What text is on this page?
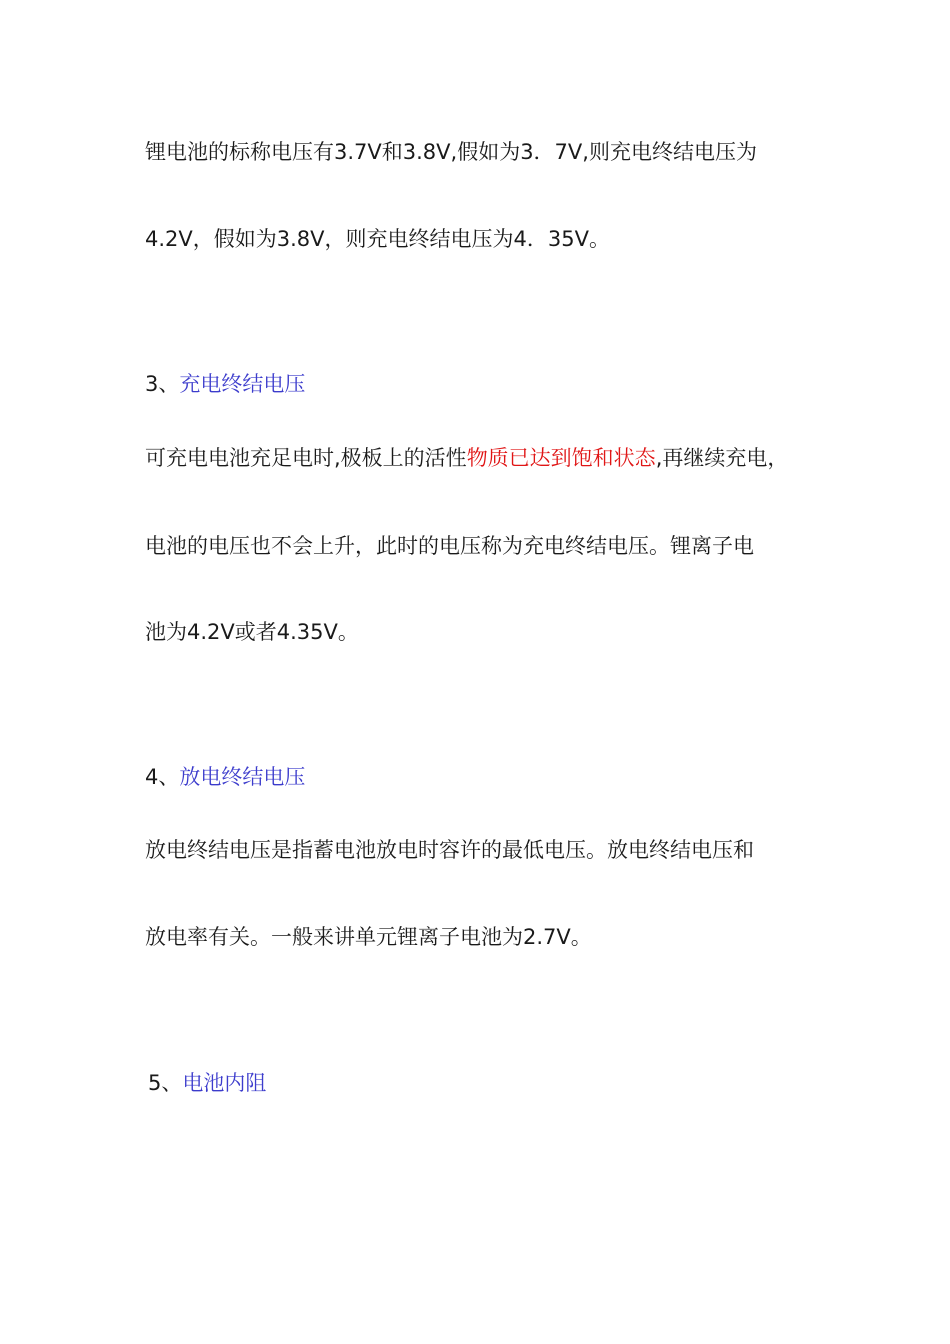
锂电池的标称电压有3.7V和3.8V,假如为3．7V,则充电终结电压为

4.2V，假如为3.8V，则充电终结电压为4．35V。

3、充电终结电压

可充电电池充足电时,极板上的活性物质已达到饱和状态,再继续充电，

电池的电压也不会上升，此时的电压称为充电终结电压。锂离子电

池为4.2V或者4.35V。

4、放电终结电压

放电终结电压是指蓄电池放电时容许的最低电压。放电终结电压和

放电率有关。一般来讲单元锂离子电池为2.7V。

5、电池内阻
